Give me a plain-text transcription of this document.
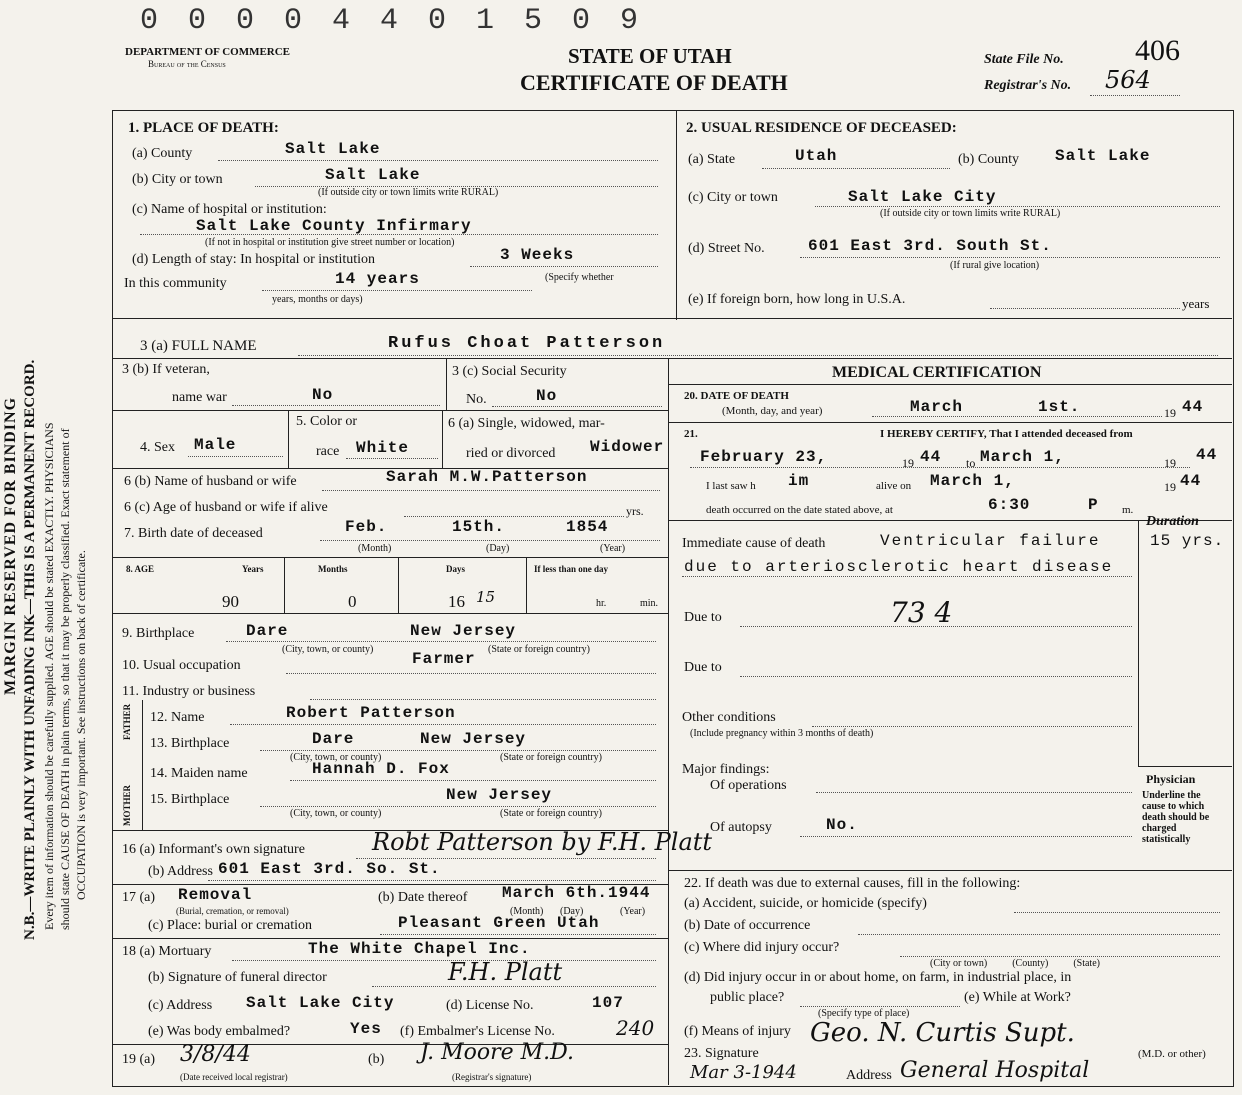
MARGIN RESERVED FOR BINDING N.B.—WRITE PLAINLY WITH UNFADING INK—THIS IS A PERMANENT RECORD. Every item of information should be carefully supplied. AGE should be stated EXACTLY. PHYSICIANS should state CAUSE OF DEATH in plain terms, so that it may be properly classified. Exact statement of OCCUPATION is very important. See instructions on back of certificate.
0 0 0 0 4 4 0 1 5 0 9
DEPARTMENT OF COMMERCE
Bureau of the Census	STATE OF UTAH
CERTIFICATE OF DEATH
State File No. 406
Registrar's No. 564
1. PLACE OF DEATH:
(a) County	Salt Lake
(b) City or town	Salt Lake
(If outside city or town limits write RURAL)
(c) Name of hospital or institution:
Salt Lake County Infirmary
(If not in hospital or institution give street number or location)
(d) Length of stay: In hospital or institution	3 Weeks
In this community	14 years	(Specify whether
years, months or days)
2. USUAL RESIDENCE OF DECEASED:
(a) State	Utah	(b) County Salt Lake
(c) City or town	Salt Lake City
(If outside city or town limits write RURAL)
(d) Street No.	601 East 3rd. South St.
(If rural give location)
(e) If foreign born, how long in U.S.A.	years
3 (a) FULL NAME	Rufus Choat Patterson
3 (b) If veteran,
name war	No
3 (c) Social Security
No.	No
4. Sex Male
5. Color or
race White
6 (a) Single, widowed, mar-
ried or divorced Widower
6 (b) Name of husband or wife	Sarah M.W.Patterson
6 (c) Age of husband or wife if alive	yrs.
7. Birth date of deceased	Feb.	15th.	1854
(Month)	(Day)	(Year)
8. AGE	Years	Months	Days	If less than one day
90	0	16 15	hr.	min.
9. Birthplace	Dare	New Jersey
(City, town, or county)	(State or foreign country)
10. Usual occupation	Farmer
11. Industry or business
FATHER
MOTHER
12. Name	Robert Patterson
13. Birthplace	Dare	New Jersey
(City, town, or county)	(State or foreign country)
14. Maiden name	Hannah D. Fox
15. Birthplace	New Jersey
(City, town, or county)	(State or foreign country)
16 (a) Informant's own signature	Robt Patterson by F.H. Platt
(b) Address 601 East 3rd. So. St.
17 (a) Removal
(Burial, cremation, or removal)
(b) Date thereof March 6th.1944
(Month) (Day)	(Year)
(c) Place: burial or cremation	Pleasant Green Utah
18 (a) Mortuary	The White Chapel Inc.
(b) Signature of funeral director	F.H. Platt
(c) Address Salt Lake City	(d) License No.	107
(e) Was body embalmed?	Yes (f) Embalmer's License No.	240
19 (a) 3/8/44
(Date received local registrar)
(b) J. Moore M.D.
(Registrar's signature)
MEDICAL CERTIFICATION
20. DATE OF DEATH
(Month, day, and year)	March	1st.	19 44
21.	I HEREBY CERTIFY, That I attended deceased from
February 23,	19 44 to March 1,	19 44
I last saw h im	alive on March 1,	19 44
death occurred on the date stated above, at	6:30	P m.
Duration
Immediate cause of death	Ventricular failure	15 yrs.
due to arteriosclerotic heart disease
Due to	73 4
Due to
Other conditions
(Include pregnancy within 3 months of death)
Major findings:
Of operations
Of autopsy	No.
Physician
Underline the cause to which death should be charged statistically
22. If death was due to external causes, fill in the following:
(a) Accident, suicide, or homicide (specify)
(b) Date of occurrence
(c) Where did injury occur?
(City or town)          (County)          (State)
(d) Did injury occur in or about home, on farm, in industrial place, in
public place?
(Specify type of place)
(e) While at Work?
(f) Means of injury
23. Signature
Geo. N. Curtis Supt.
(M.D. or other)
Mar 3-1944	Address General Hospital
